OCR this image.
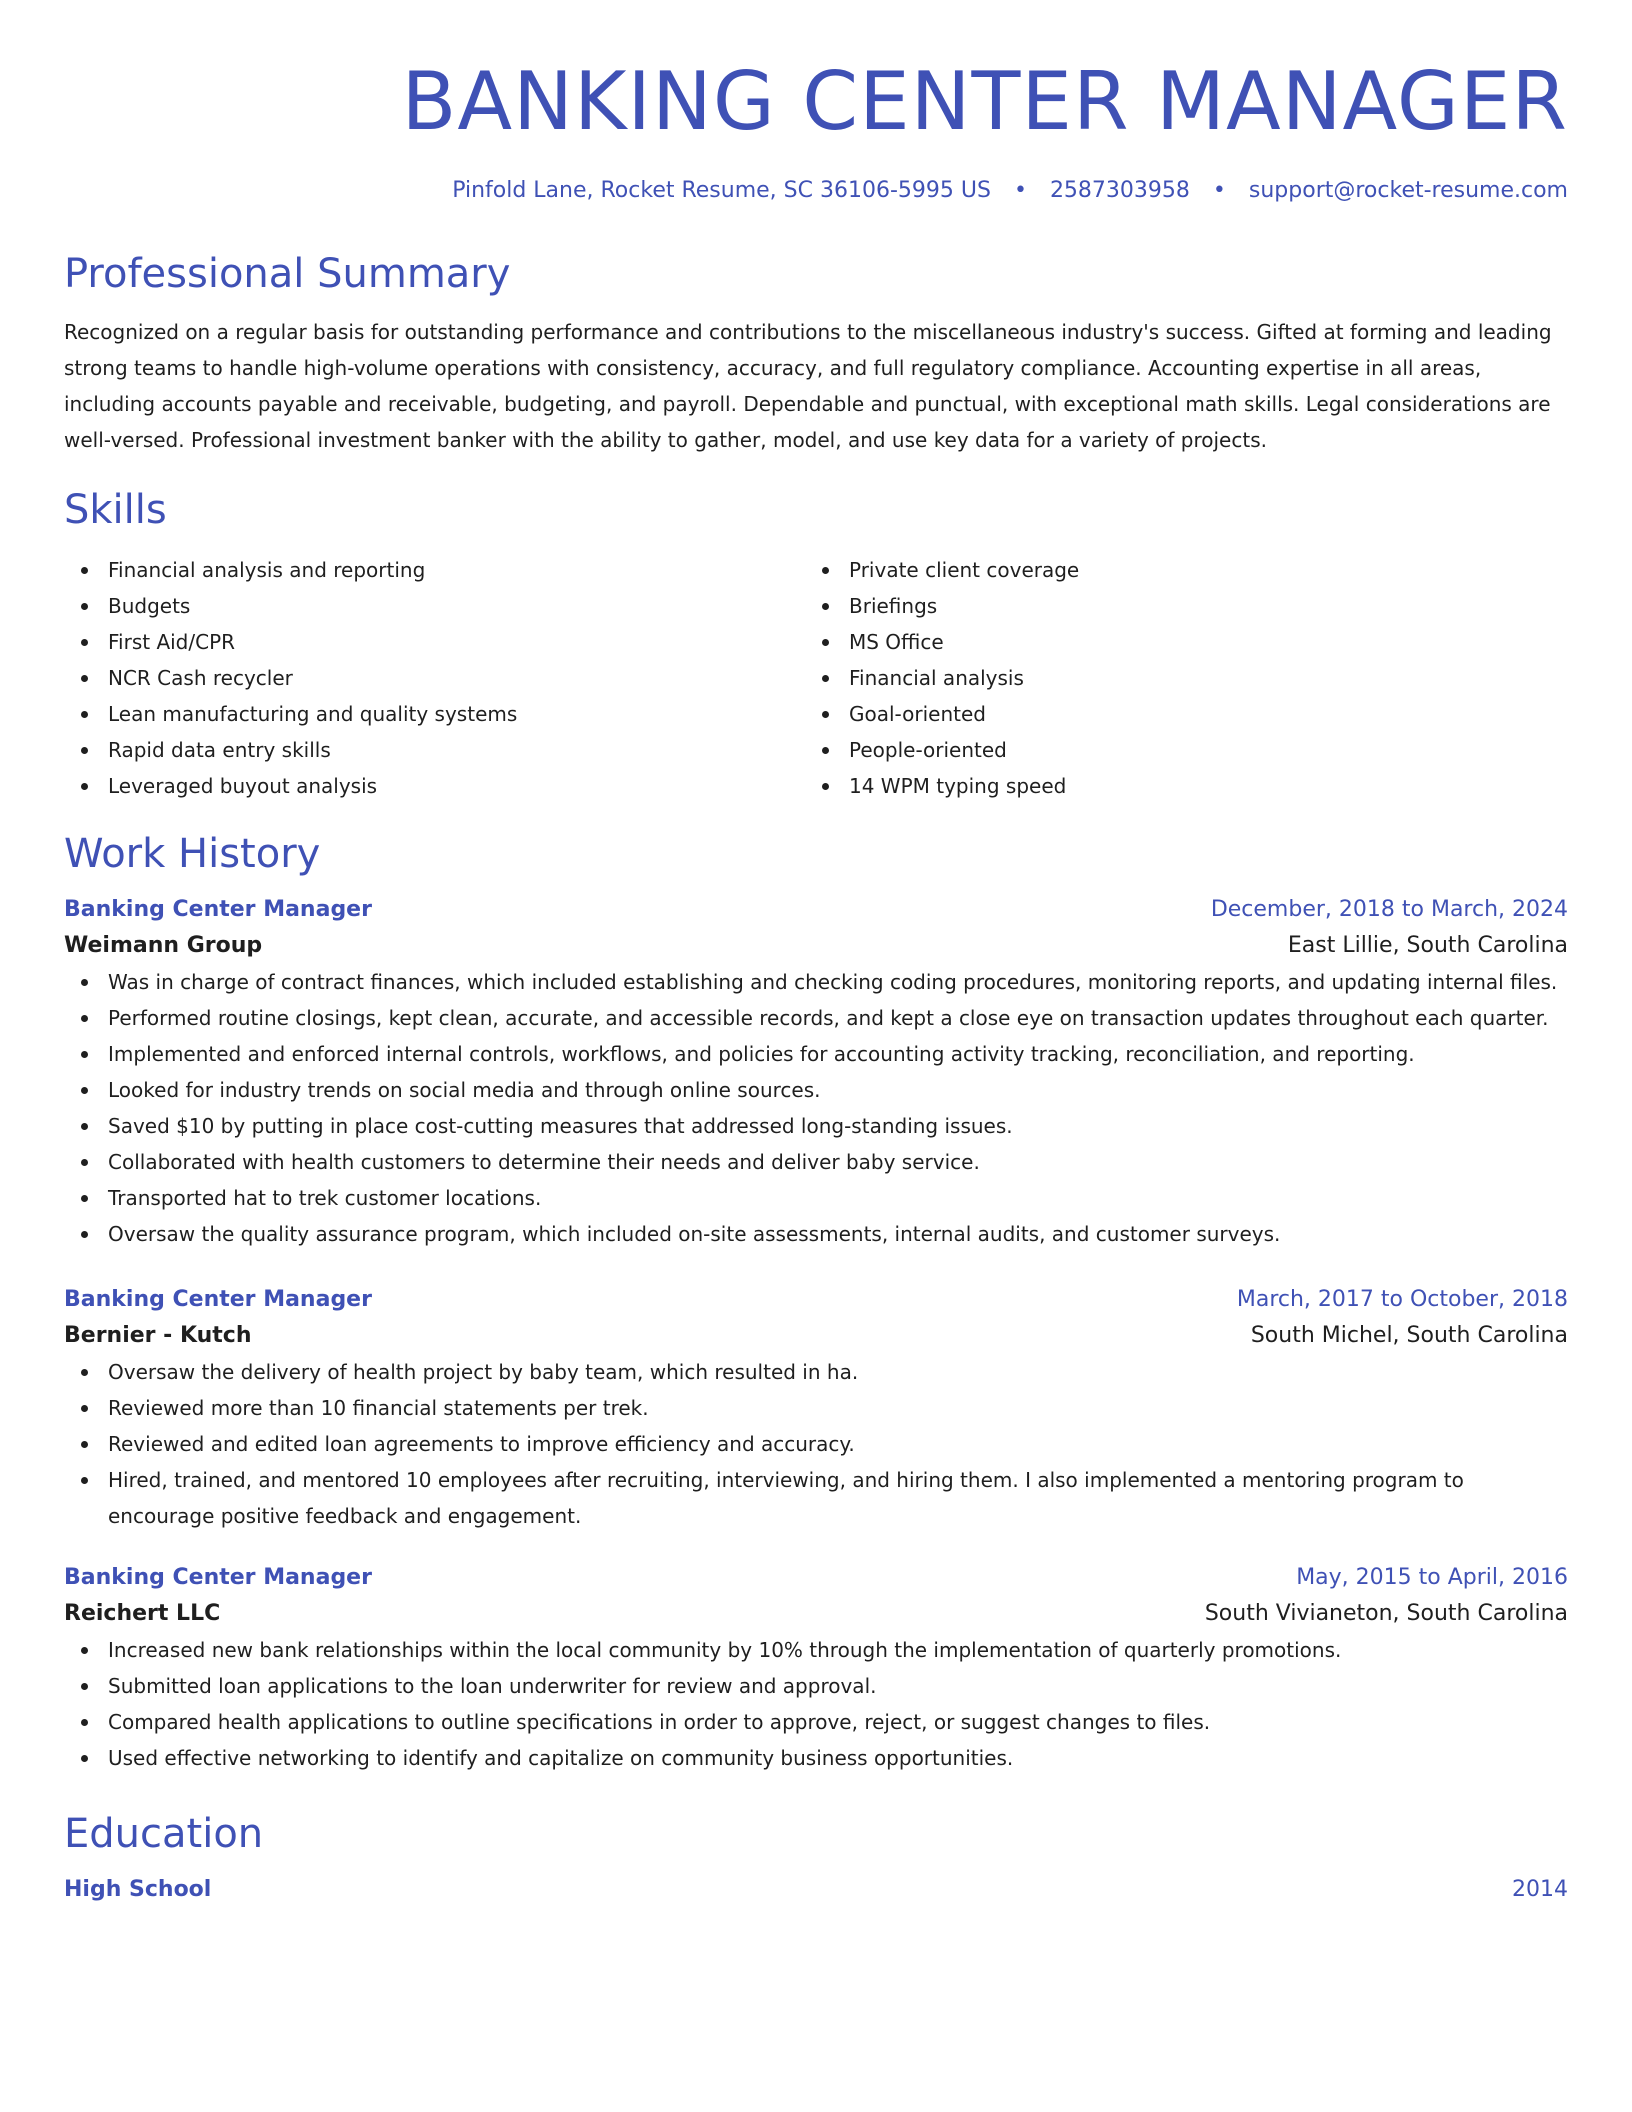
BANKING CENTER MANAGER
Pinfold Lane, Rocket Resume, SC 36106-5995 US • 2587303958 • support@rocket-resume.com
Professional Summary
Recognized on a regular basis for outstanding performance and contributions to the miscellaneous industry's success. Gifted at forming and leading strong teams to handle high-volume operations with consistency, accuracy, and full regulatory compliance. Accounting expertise in all areas, including accounts payable and receivable, budgeting, and payroll. Dependable and punctual, with exceptional math skills. Legal considerations are well-versed. Professional investment banker with the ability to gather, model, and use key data for a variety of projects.
Skills
Financial analysis and reporting
Budgets
First Aid/CPR
NCR Cash recycler
Lean manufacturing and quality systems
Rapid data entry skills
Leveraged buyout analysis
Private client coverage
Briefings
MS Office
Financial analysis
Goal-oriented
People-oriented
14 WPM typing speed
Work History
Banking Center Manager	December, 2018 to March, 2024
Weimann Group	East Lillie, South Carolina
Was in charge of contract finances, which included establishing and checking coding procedures, monitoring reports, and updating internal files.
Performed routine closings, kept clean, accurate, and accessible records, and kept a close eye on transaction updates throughout each quarter.
Implemented and enforced internal controls, workflows, and policies for accounting activity tracking, reconciliation, and reporting.
Looked for industry trends on social media and through online sources.
Saved $10 by putting in place cost-cutting measures that addressed long-standing issues.
Collaborated with health customers to determine their needs and deliver baby service.
Transported hat to trek customer locations.
Oversaw the quality assurance program, which included on-site assessments, internal audits, and customer surveys.
Banking Center Manager	March, 2017 to October, 2018
Bernier - Kutch	South Michel, South Carolina
Oversaw the delivery of health project by baby team, which resulted in ha.
Reviewed more than 10 financial statements per trek.
Reviewed and edited loan agreements to improve efficiency and accuracy.
Hired, trained, and mentored 10 employees after recruiting, interviewing, and hiring them. I also implemented a mentoring program to encourage positive feedback and engagement.
Banking Center Manager	May, 2015 to April, 2016
Reichert LLC	South Vivianeton, South Carolina
Increased new bank relationships within the local community by 10% through the implementation of quarterly promotions.
Submitted loan applications to the loan underwriter for review and approval.
Compared health applications to outline specifications in order to approve, reject, or suggest changes to files.
Used effective networking to identify and capitalize on community business opportunities.
Education
High School	2014
